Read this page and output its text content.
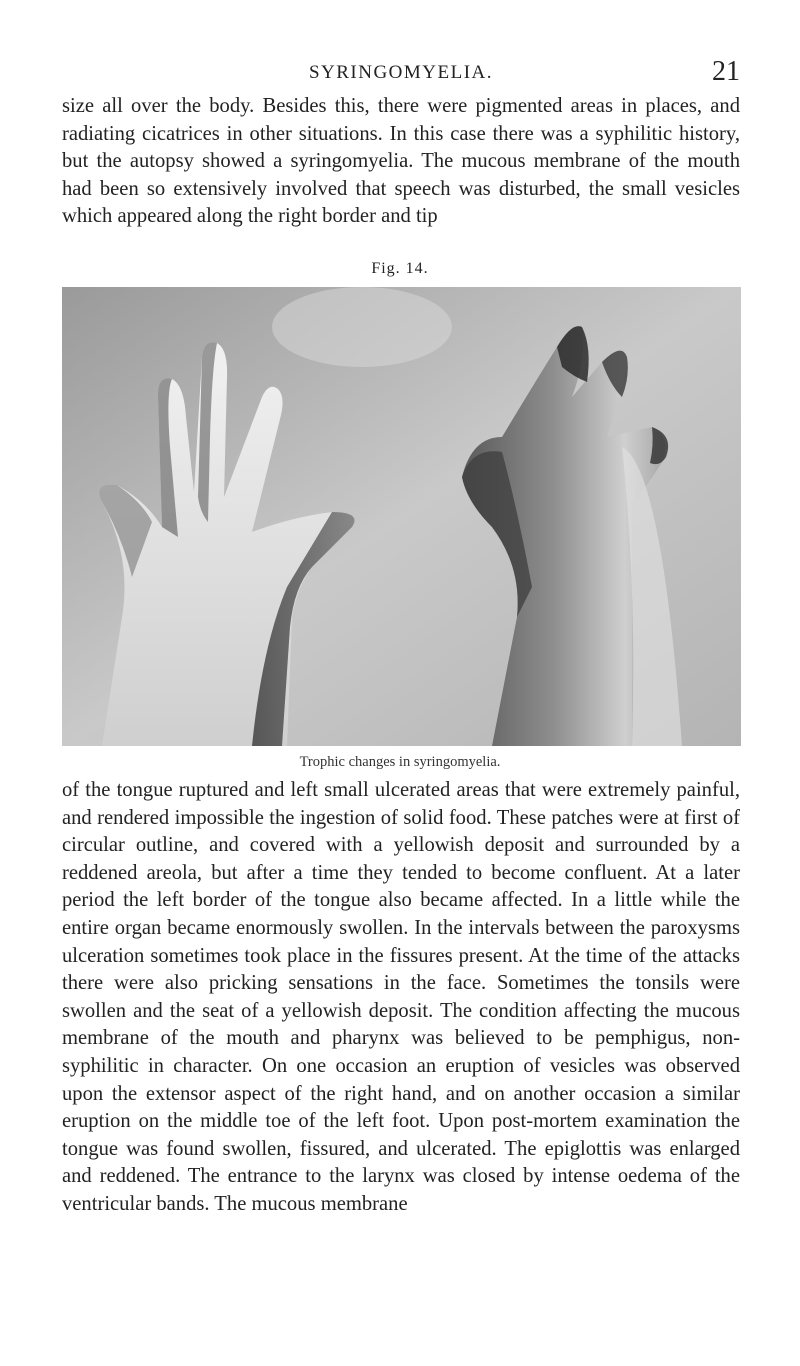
SYRINGOMYELIA.	21

size all over the body. Besides this, there were pigmented areas in places, and radiating cicatrices in other situations. In this case there was a syphilitic history, but the autopsy showed a syringomyelia. The mucous membrane of the mouth had been so extensively involved that speech was disturbed, the small vesicles which appeared along the right border and tip

Fig. 14.
Trophic changes in syringomyelia.

of the tongue ruptured and left small ulcerated areas that were extremely painful, and rendered impossible the ingestion of solid food. These patches were at first of circular outline, and covered with a yellowish deposit and surrounded by a reddened areola, but after a time they tended to become confluent. At a later period the left border of the tongue also became affected. In a little while the entire organ became enormously swollen. In the intervals between the paroxysms ulceration sometimes took place in the fissures present. At the time of the attacks there were also pricking sensations in the face. Sometimes the tonsils were swollen and the seat of a yellowish deposit. The condition affecting the mucous membrane of the mouth and pharynx was believed to be pemphigus, non-syphilitic in character. On one occasion an eruption of vesicles was observed upon the extensor aspect of the right hand, and on another occasion a similar eruption on the middle toe of the left foot. Upon post-mortem examination the tongue was found swollen, fissured, and ulcerated. The epiglottis was enlarged and reddened. The entrance to the larynx was closed by intense oedema of the ventricular bands. The mucous membrane
